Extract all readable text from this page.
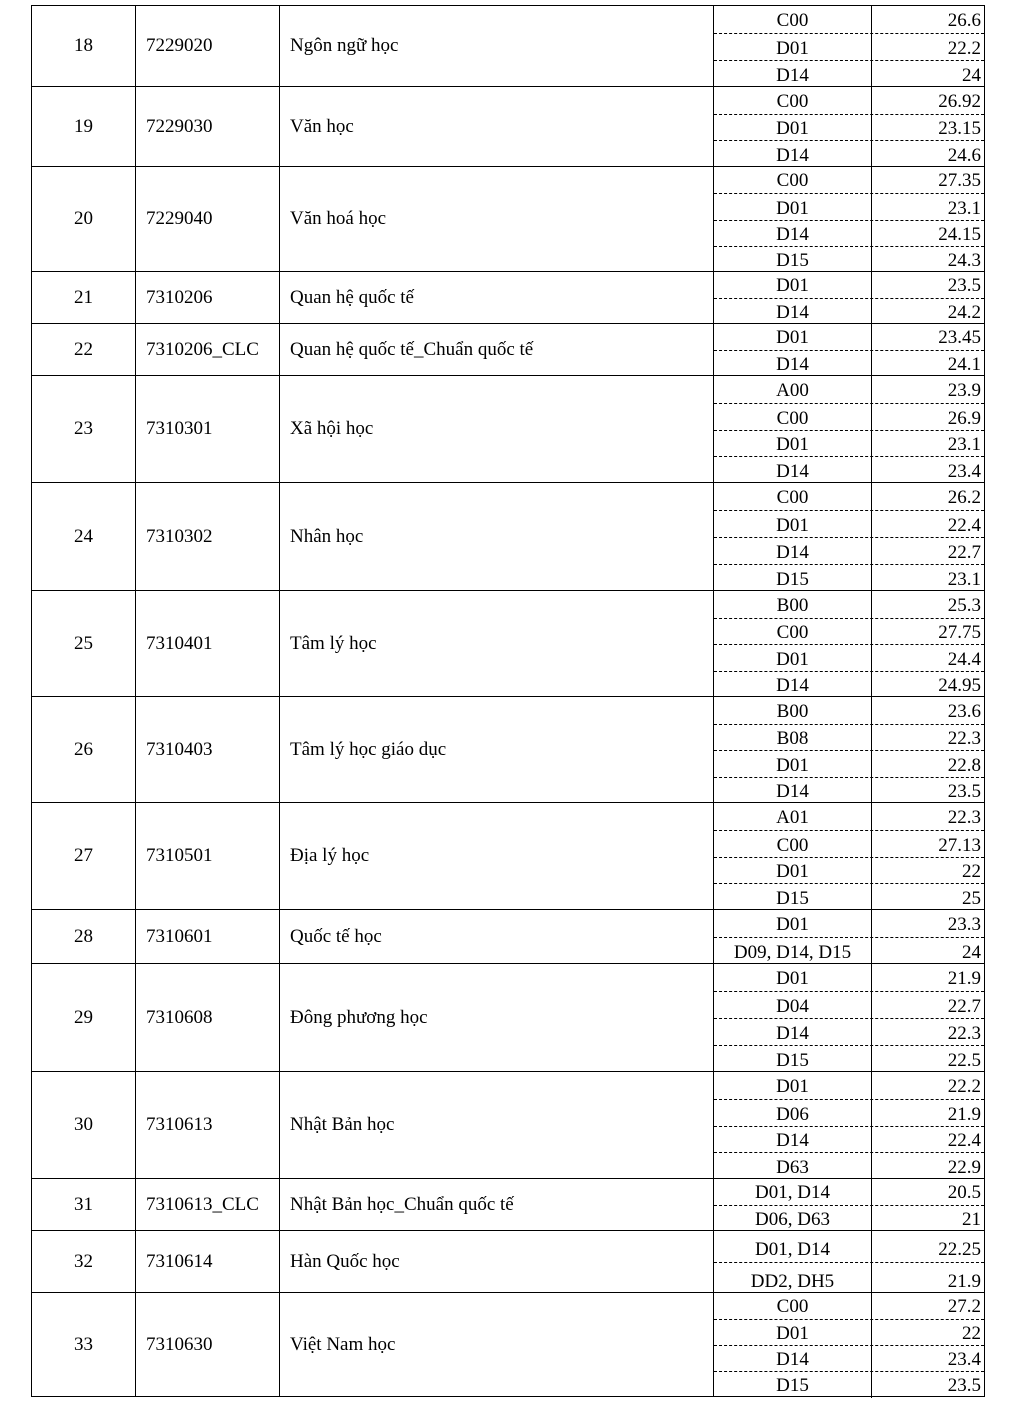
18	7229020	Ngôn ngữ học
C00	26.6
D01	22.2
D14	24
19	7229030	Văn học
C00	26.92
D01	23.15
D14	24.6
20	7229040	Văn hoá học
C00	27.35
D01	23.1
D14	24.15
D15	24.3
21	7310206	Quan hệ quốc tế
D01	23.5
D14	24.2
22	7310206_CLC Quan hệ quốc tế_Chuẩn quốc tế
D01	23.45
D14	24.1
23	7310301	Xã hội học
A00	23.9
C00	26.9
D01	23.1
D14	23.4
24	7310302	Nhân học
C00	26.2
D01	22.4
D14	22.7
D15	23.1
25	7310401	Tâm lý học
B00	25.3
C00	27.75
D01	24.4
D14	24.95
26	7310403	Tâm lý học giáo dục
B00	23.6
B08	22.3
D01	22.8
D14	23.5
27	7310501	Địa lý học
A01	22.3
C00	27.13
D01	22
D15	25
28	7310601	Quốc tế học
D01	23.3
D09, D14, D15	24
29	7310608	Đông phương học
D01	21.9
D04	22.7
D14	22.3
D15	22.5
30	7310613	Nhật Bản học
D01	22.2
D06	21.9
D14	22.4
D63	22.9
31	7310613_CLC Nhật Bản học_Chuẩn quốc tế
D01, D14	20.5
D06, D63	21
32	7310614	Hàn Quốc học
D01, D14	22.25
DD2, DH5	21.9
33	7310630	Việt Nam học
C00	27.2
D01	22
D14	23.4
D15	23.5
